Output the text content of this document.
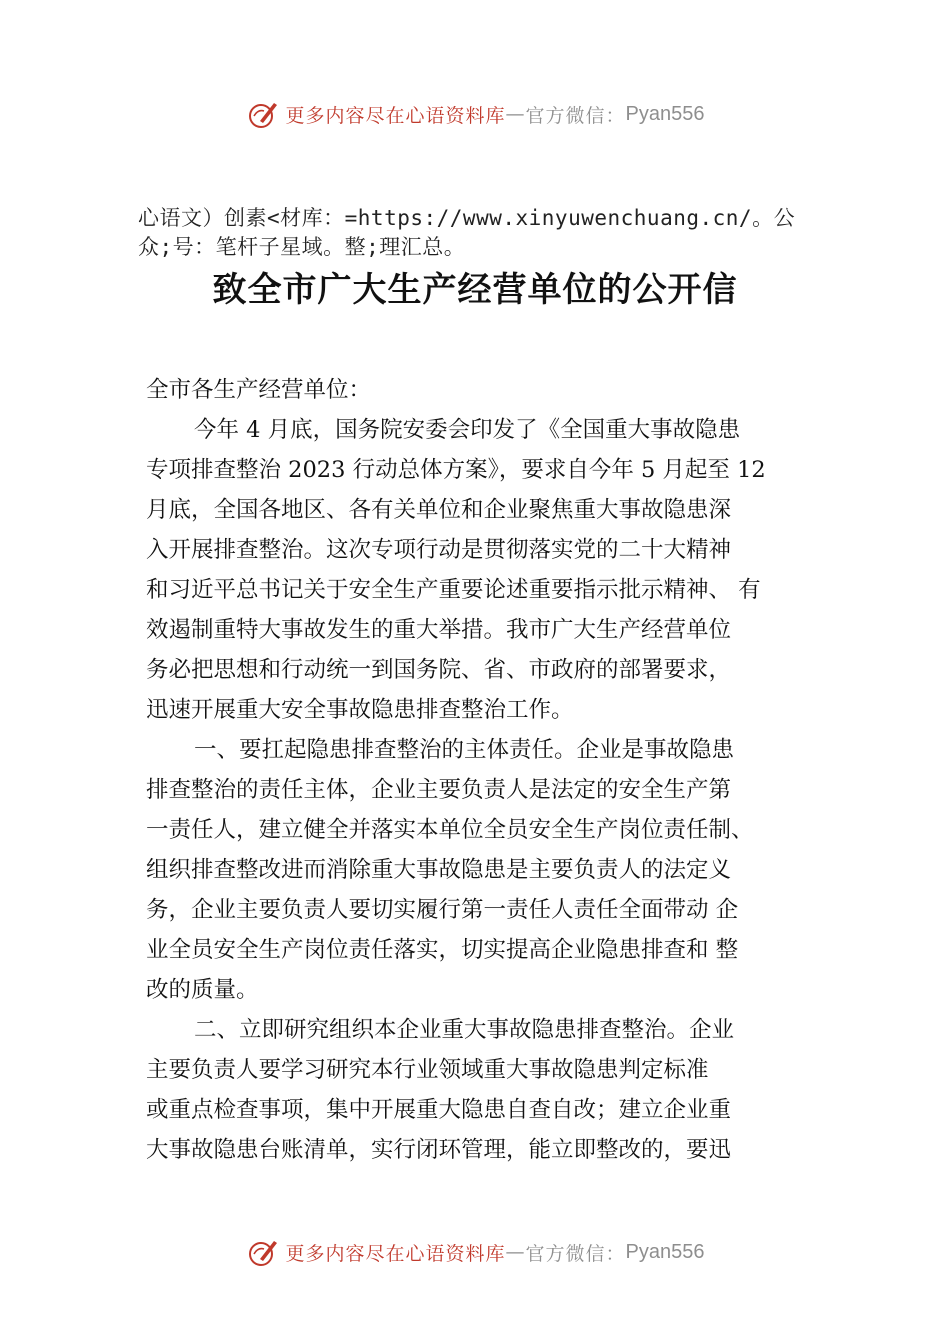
更多内容尽在心语资料库 — 官方微信： Pyan556
心语文）创素<材库：=https://www.xinyuwenchuang.cn/。公
众;号：笔杆子星域。整;理汇总。
致全市广大生产经营单位的公开信
全市各生产经营单位：
今年 4 月底，国务院安委会印发了《全国重大事故隐患
专项排查整治 2023 行动总体方案》，要求自今年 5 月起至 12
月底，全国各地区、各有关单位和企业聚焦重大事故隐患深
入开展排查整治。这次专项行动是贯彻落实党的二十大精神
和习近平总书记关于安全生产重要论述重要指示批示精神、 有
效遏制重特大事故发生的重大举措。我市广大生产经营单位
务必把思想和行动统一到国务院、省、市政府的部署要求，
迅速开展重大安全事故隐患排查整治工作。
一、要扛起隐患排查整治的主体责任。企业是事故隐患
排查整治的责任主体，企业主要负责人是法定的安全生产第
一责任人，建立健全并落实本单位全员安全生产岗位责任制、
组织排查整改进而消除重大事故隐患是主要负责人的法定义
务，企业主要负责人要切实履行第一责任人责任全面带动 企
业全员安全生产岗位责任落实，切实提高企业隐患排查和 整
改的质量。
二、立即研究组织本企业重大事故隐患排查整治。企业
主要负责人要学习研究本行业领域重大事故隐患判定标准
或重点检查事项，集中开展重大隐患自查自改；建立企业重
大事故隐患台账清单，实行闭环管理，能立即整改的，要迅
更多内容尽在心语资料库 — 官方微信： Pyan556
